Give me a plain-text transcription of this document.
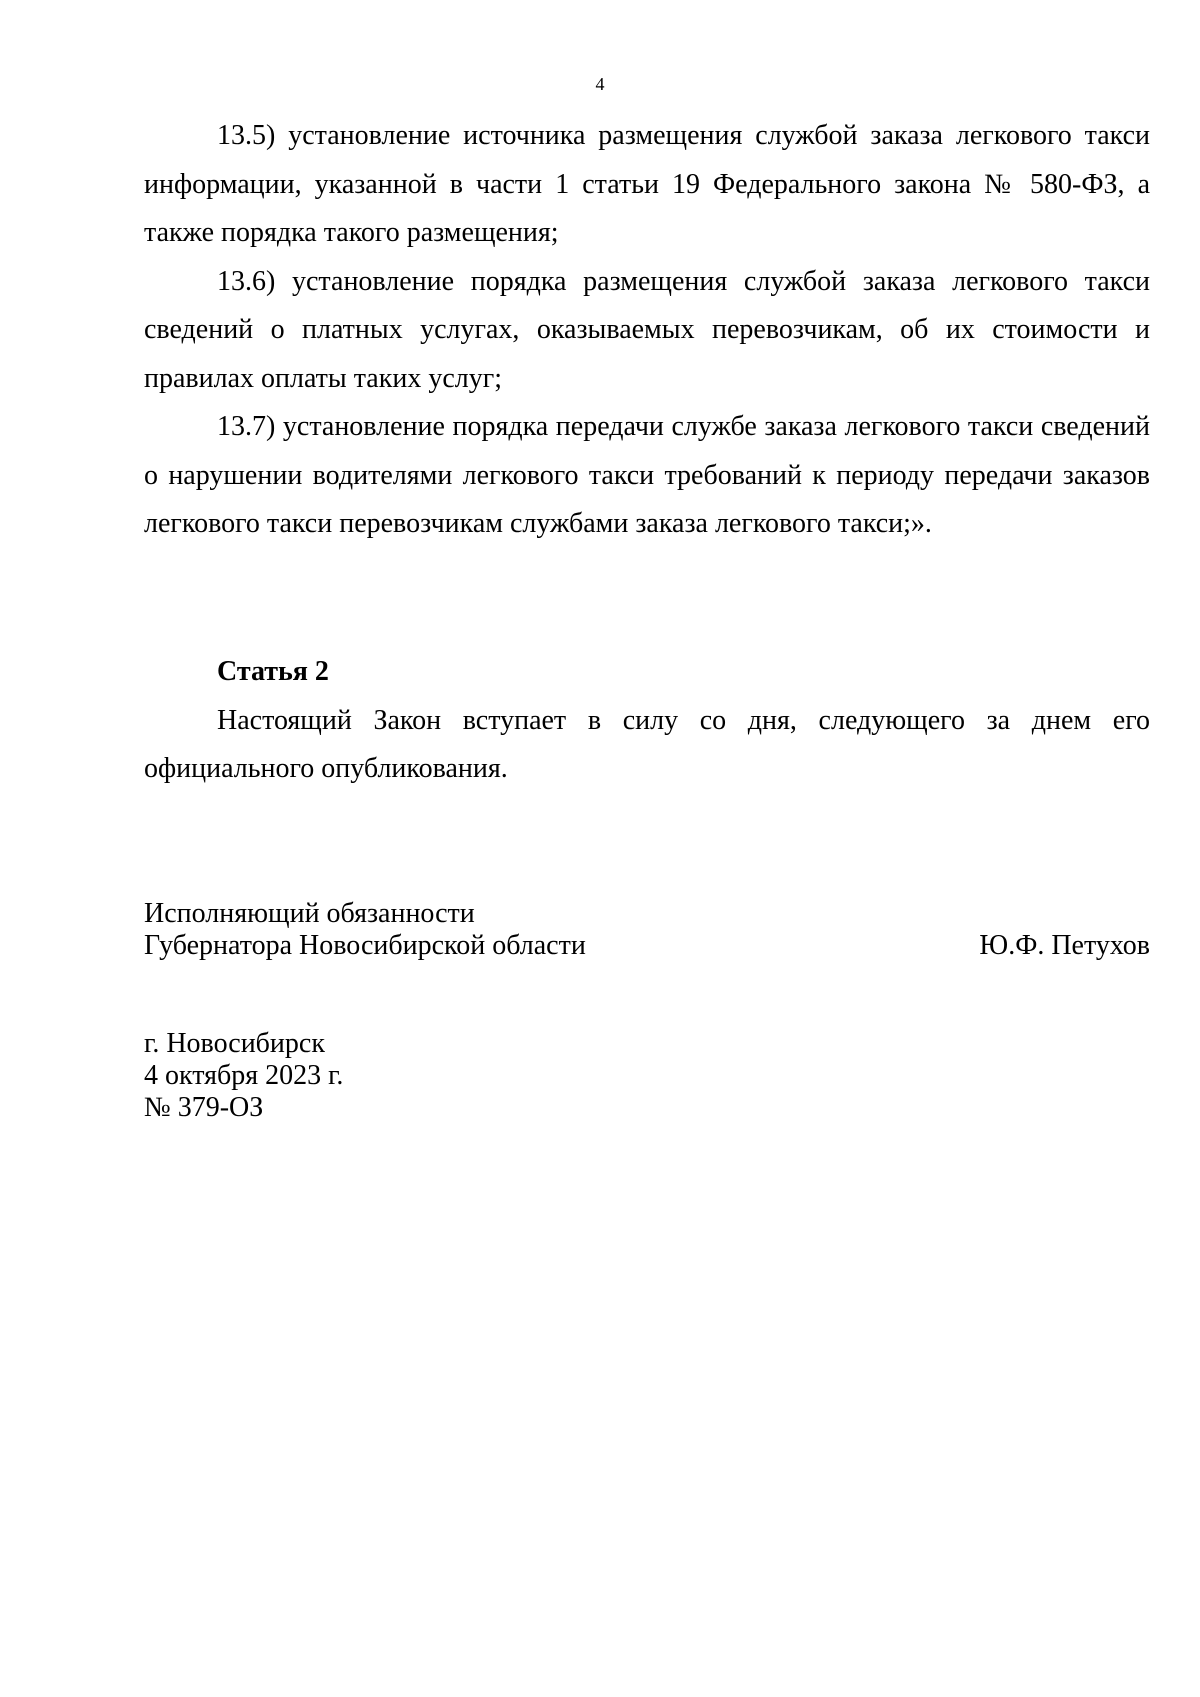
4

13.5) установление источника размещения службой заказа легкового такси информации, указанной в части 1 статьи 19 Федерального закона № 580-ФЗ, а также порядка такого размещения;

13.6) установление порядка размещения службой заказа легкового такси сведений о платных услугах, оказываемых перевозчикам, об их стоимости и правилах оплаты таких услуг;

13.7) установление порядка передачи службе заказа легкового такси сведений о нарушении водителями легкового такси требований к периоду передачи заказов легкового такси перевозчикам службами заказа легкового такси;».

Статья 2

Настоящий Закон вступает в силу со дня, следующего за днем его официального опубликования.

Исполняющий обязанности
Губернатора Новосибирской области	Ю.Ф. Петухов
г. Новосибирск
4 октября 2023 г.
№ 379-ОЗ
